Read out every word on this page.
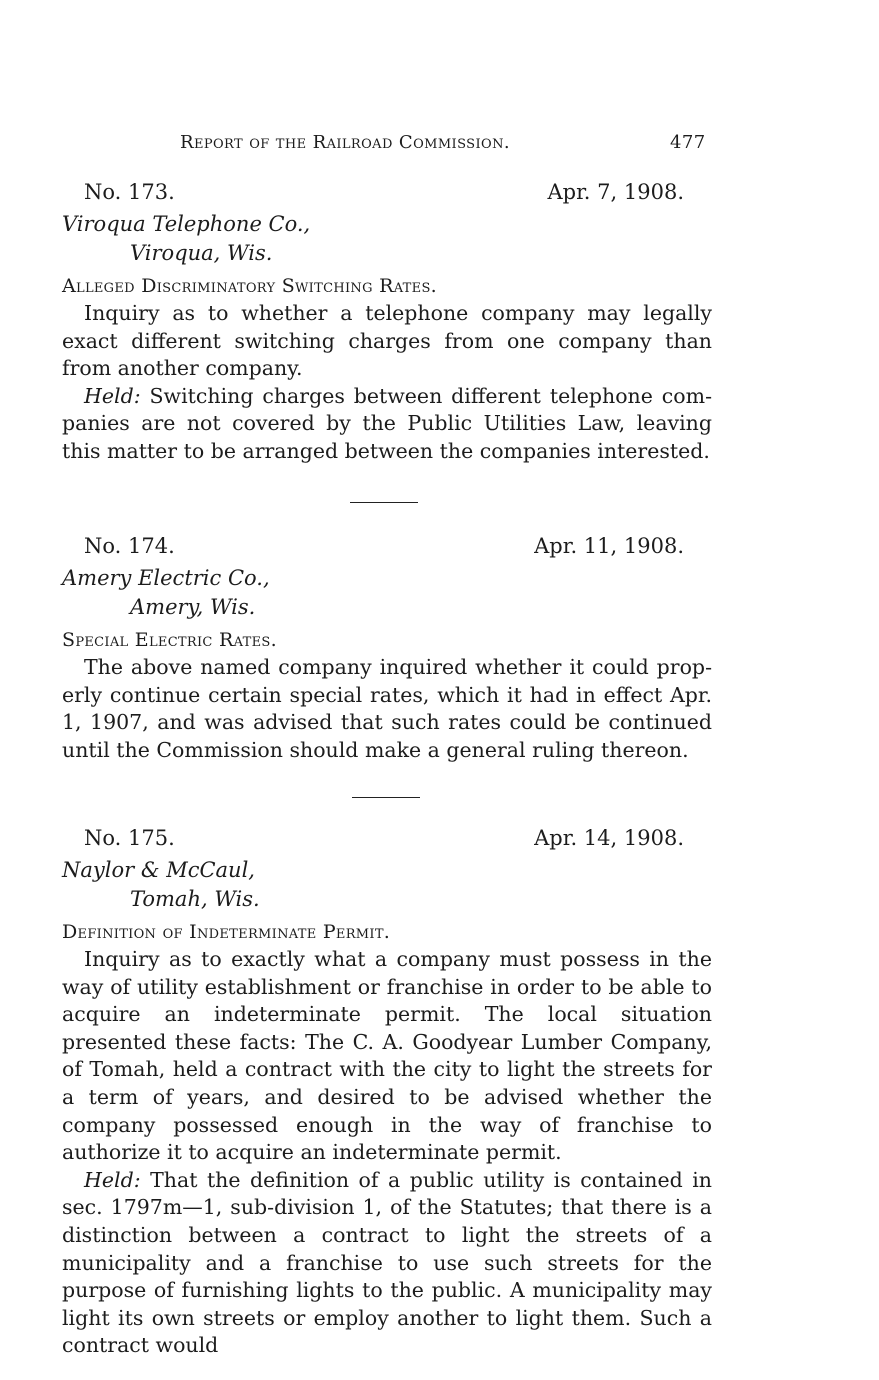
Report of the Railroad Commission.	477
No. 173.	Apr. 7, 1908.
Viroqua Telephone Co.,
Viroqua, Wis.
Alleged Discriminatory Switching Rates.

Inquiry as to whether a telephone company may legally exact different switching charges from one company than from another company.

Held: Switching charges between different telephone companies are not covered by the Public Utilities Law, leaving this matter to be arranged between the companies interested.

No. 174.	Apr. 11, 1908.
Amery Electric Co.,
Amery, Wis.
Special Electric Rates.

The above named company inquired whether it could properly continue certain special rates, which it had in effect Apr. 1, 1907, and was advised that such rates could be continued until the Commission should make a general ruling thereon.

No. 175.	Apr. 14, 1908.
Naylor & McCaul,
Tomah, Wis.
Definition of Indeterminate Permit.

Inquiry as to exactly what a company must possess in the way of utility establishment or franchise in order to be able to acquire an indeterminate permit. The local situation presented these facts: The C. A. Goodyear Lumber Company, of Tomah, held a contract with the city to light the streets for a term of years, and desired to be advised whether the company possessed enough in the way of franchise to authorize it to acquire an indeterminate permit.

Held: That the definition of a public utility is contained in sec. 1797m—1, sub-division 1, of the Statutes; that there is a distinction between a contract to light the streets of a municipality and a franchise to use such streets for the purpose of furnishing lights to the public. A municipality may light its own streets or employ another to light them. Such a contract would
